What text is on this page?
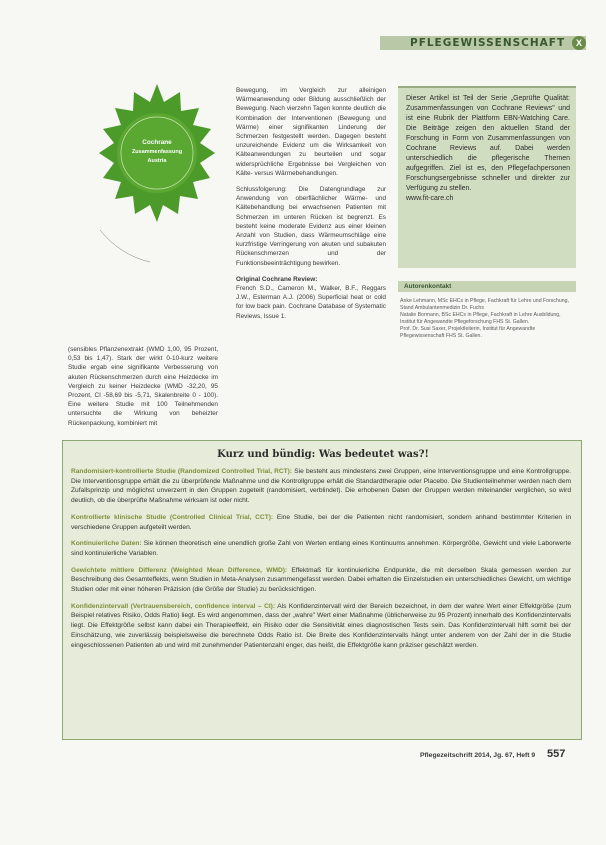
PFLEGEWISSENSCHAFT	X
Cochrane
Zusammenfassung
Austria

(sensibles Pflanzenextrakt (WMD 1,00, 95 Prozent, 0,53 bis 1,47). Stark der wirkt 0-10-kurz weitere Studie ergab eine signifikante Verbesserung von akuten Rückenschmerzen durch eine Heizdecke im Vergleich zu keiner Heizdecke (WMD -32,20, 95 Prozent, CI -58,69 bis -5,71, Skalenbreite 0 - 100). Eine weitere Studie mit 100 Teilnehmenden untersuchte die Wirkung von beheizter Rückenpackung, kombiniert mit

Bewegung, im Vergleich zur alleinigen Wärmeanwendung oder Bildung ausschließlich der Bewegung. Nach vierzehn Tagen konnte deutlich die Kombination der Interventionen (Bewegung und Wärme) einer signifikanten Linderung der Schmerzen festgestellt werden. Dagegen besteht unzureichende Evidenz um die Wirksamkeit von Kälteanwendungen zu beurteilen und sogar widersprüchliche Ergebnisse bei Vergleichen von Kälte- versus Wärmebehandlungen.

Schlussfolgerung: Die Datengrundlage zur Anwendung von oberflächlicher Wärme- und Kältebehandlung bei erwachsenen Patienten mit Schmerzen im unteren Rücken ist begrenzt. Es besteht keine moderate Evidenz aus einer kleinen Anzahl von Studien, dass Wärmeumschläge eine kurzfristige Verringerung von akuten und subakuten Rückenschmerzen und der Funktionsbeeinträchtigung bewirken.

Original Cochrane Review:

French S.D., Cameron M., Walker, B.F., Reggars J.W., Esterman A.J. (2006) Superficial heat or cold for low back pain. Cochrane Database of Systematic Reviews, Issue 1.

Dieser Artikel ist Teil der Serie „Geprüfte Qualität: Zusammenfassungen von Cochrane Reviews" und ist eine Rubrik der Plattform EBN-Watching Care. Die Beiträge zeigen den aktuellen Stand der Forschung in Form von Zusammenfassungen von Cochrane Reviews auf. Dabei werden unterschiedlich die pflegerische Themen aufgegriffen. Ziel ist es, den Pflegefachpersonen Forschungsergebnisse schneller und direkter zur Verfügung zu stellen.
www.fit-care.ch
Autorenkontakt

Anke Lehmann, MSc EHCs in Pflege, Fachkraft für Lehre und Forschung, Stand Ambulantenmedizin Dr. Fuchs

Natalie Bormann, BSc EHCs in Pflege, Fachkraft in Lehre Ausbildung, Institut für Angewandte Pflegeforschung FHS St. Gallen.

Prof. Dr. Susi Saxer, Projektleiterin, Institut für Angewandte Pflegewissenschaft FHS St. Gallen.

Kurz und bündig: Was bedeutet was?!

Randomisiert-kontrollierte Studie (Randomized Controlled Trial, RCT): Sie besteht aus mindestens zwei Gruppen, eine Interventionsgruppe und eine Kontrollgruppe. Die Interventionsgruppe erhält die zu überprüfende Maßnahme und die Kontrollgruppe erhält die Standardtherapie oder Placebo. Die Studienteilnehmer werden nach dem Zufallsprinzip und möglichst unverzerrt in den Gruppen zugeteilt (randomisiert, verblindet). Die erhobenen Daten der Gruppen werden miteinander verglichen, so wird deutlich, ob die überprüfte Maßnahme wirksam ist oder nicht.

Kontrollierte klinische Studie (Controlled Clinical Trial, CCT): Eine Studie, bei der die Patienten nicht randomisiert, sondern anhand bestimmter Kriterien in verschiedene Gruppen aufgeteilt werden.

Kontinuierliche Daten: Sie können theoretisch eine unendlich große Zahl von Werten entlang eines Kontinuums annehmen. Körpergröße, Gewicht und viele Laborwerte sind kontinuierliche Variablen.

Gewichtete mittlere Differenz (Weighted Mean Difference, WMD): Effektmaß für kontinuierliche Endpunkte, die mit derselben Skala gemessen werden zur Beschreibung des Gesamteffekts, wenn Studien in Meta-Analysen zusammengefasst werden. Dabei erhalten die Einzelstudien ein unterschiedliches Gewicht, um wichtige Studien oder mit einer höheren Präzision (die Größe der Studie) zu berücksichtigen.

Konfidenzintervall (Vertrauensbereich, confidence interval – CI): Als Konfidenzintervall wird der Bereich bezeichnet, in dem der wahre Wert einer Effektgröße (zum Beispiel relatives Risiko, Odds Ratio) liegt. Es wird angenommen, dass der „wahre" Wert einer Maßnahme (üblicherweise zu 95 Prozent) innerhalb des Konfidenzintervalls liegt. Die Effektgröße selbst kann dabei ein Therapieeffekt, ein Risiko oder die Sensitivität eines diagnostischen Tests sein. Das Konfidenzintervall hilft somit bei der Einschätzung, wie zuverlässig beispielsweise die berechnete Odds Ratio ist. Die Breite des Konfidenzintervalls hängt unter anderem von der Zahl der in die Studie eingeschlossenen Patienten ab und wird mit zunehmender Patientenzahl enger, das heißt, die Effektgröße kann präziser geschätzt werden.

Pflegezeitschrift 2014, Jg. 67, Heft 9 557
